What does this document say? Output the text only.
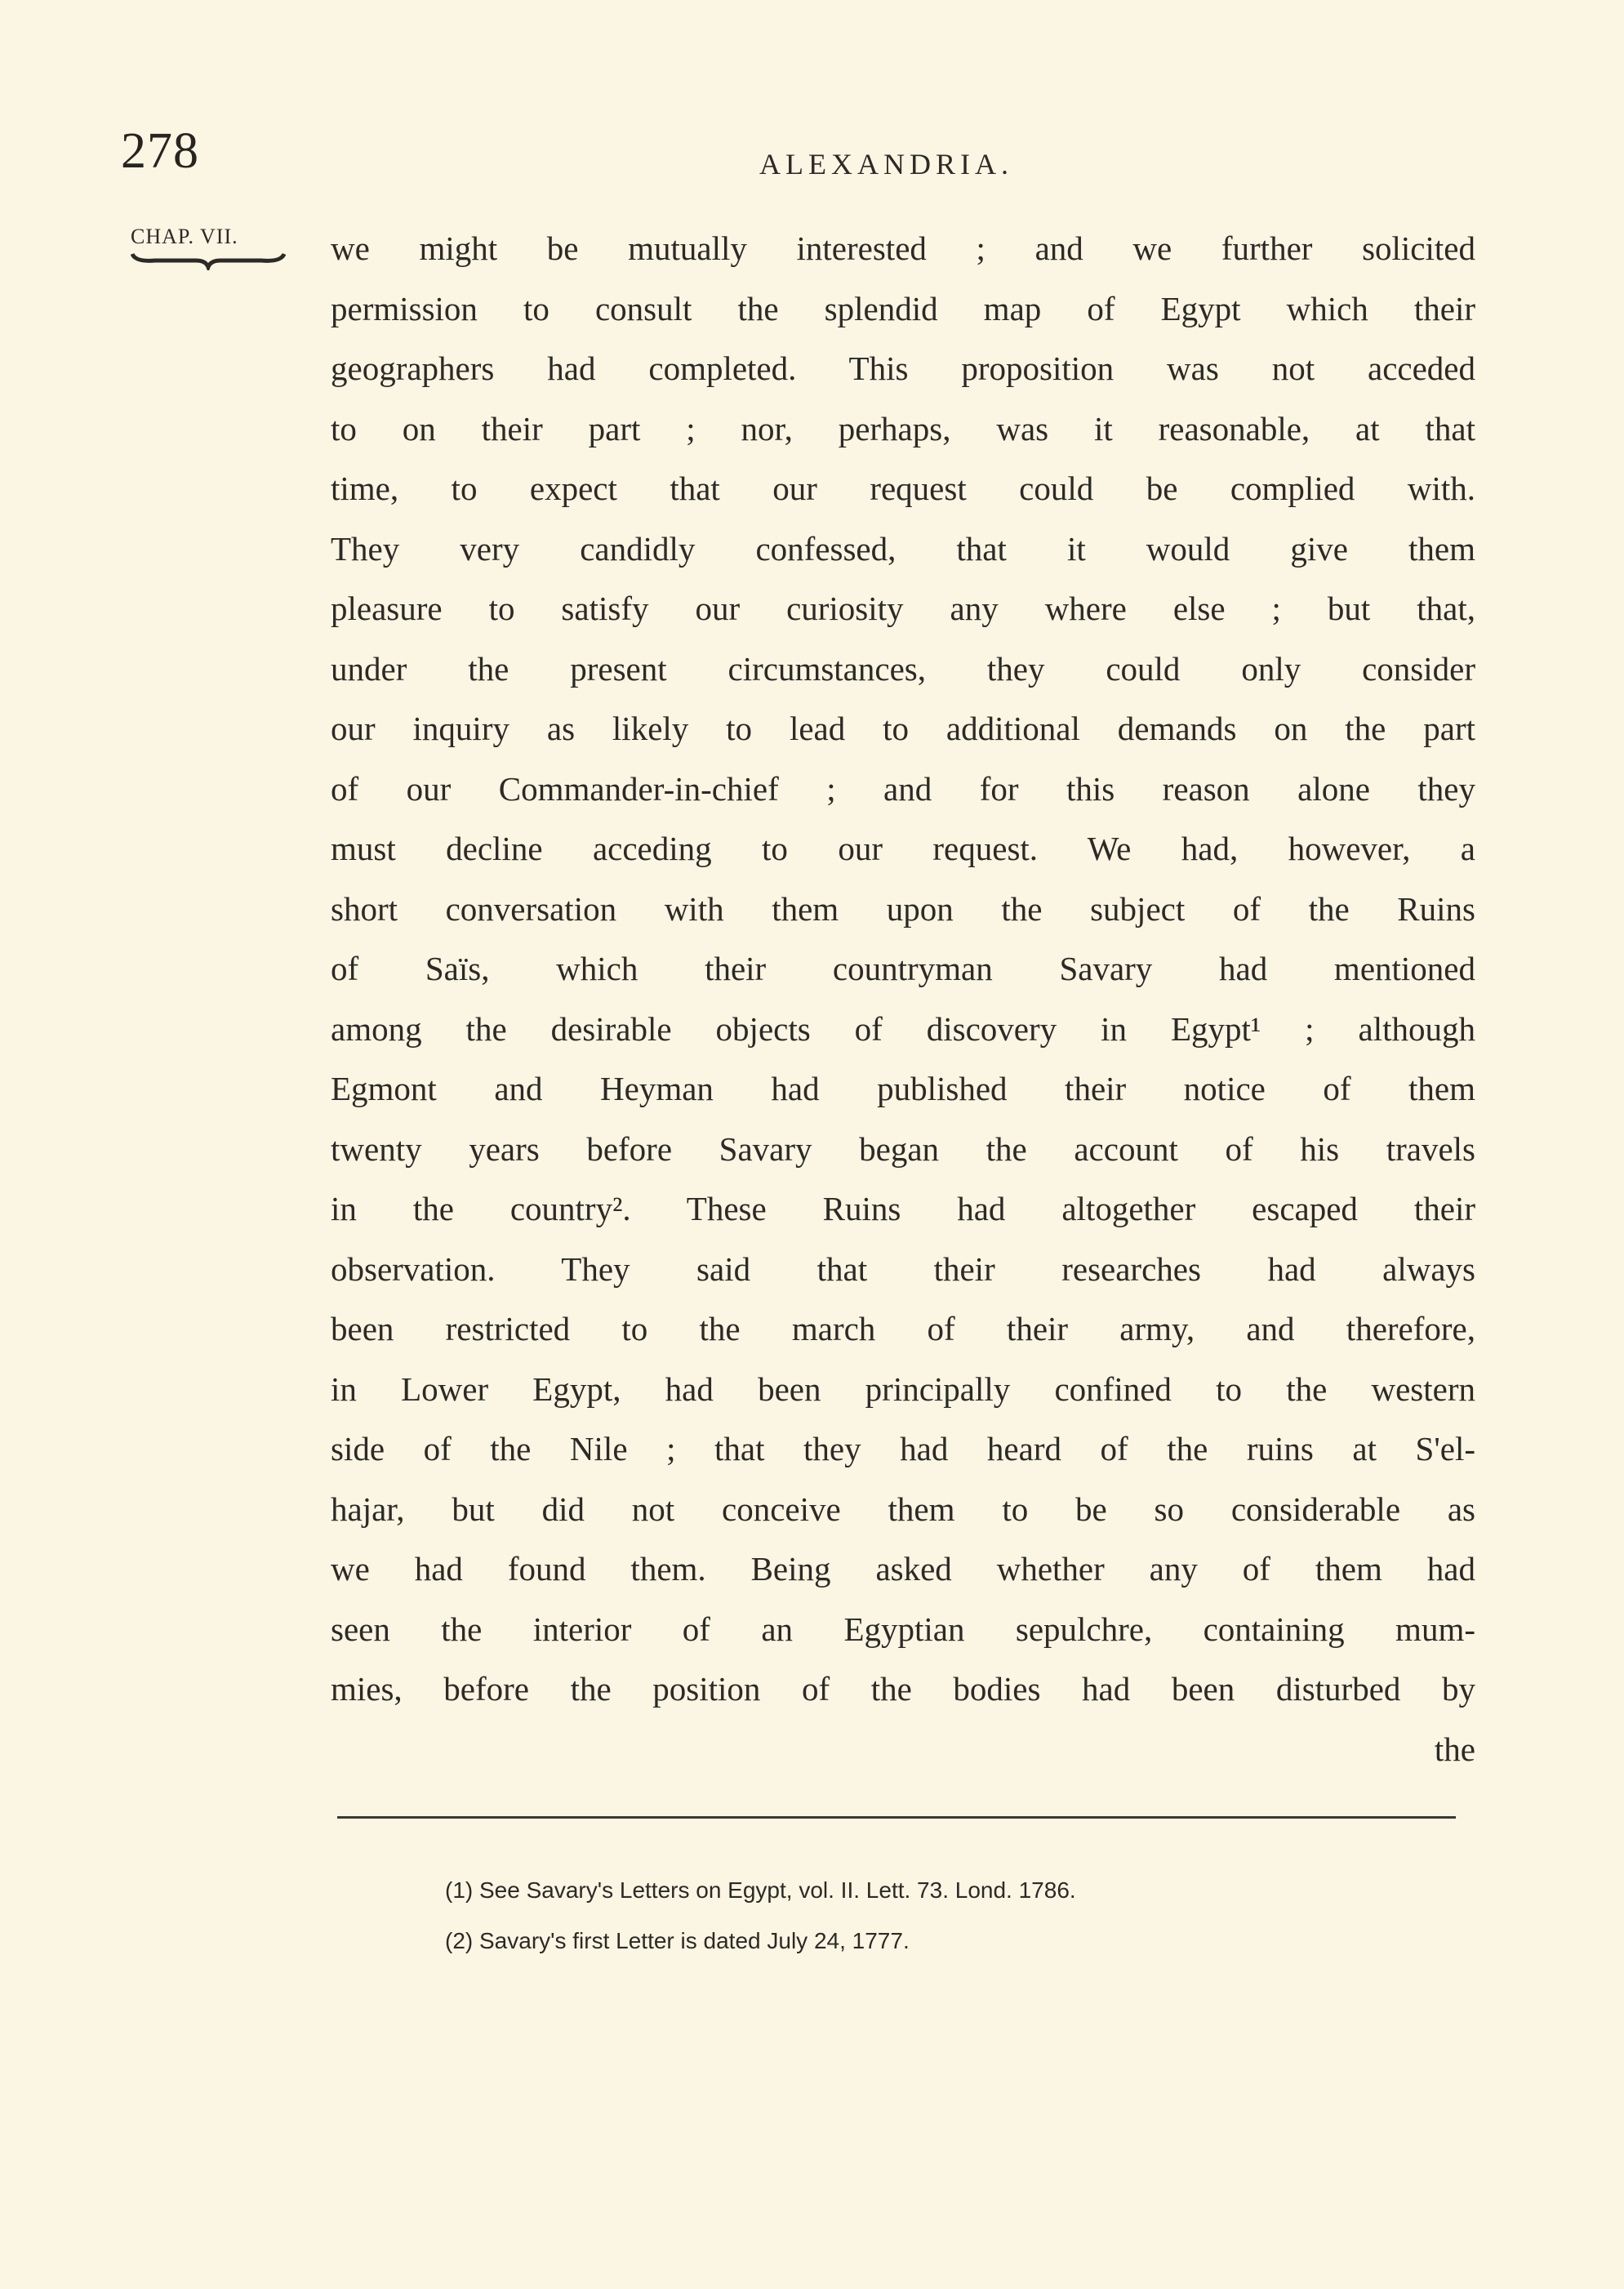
278	ALEXANDRIA.
CHAP. VII.	we might be mutually interested ; and we further solicited
permission to consult the splendid map of Egypt which their
geographers had completed. This proposition was not acceded
to on their part ; nor, perhaps, was it reasonable, at that
time, to expect that our request could be complied with.
They very candidly confessed, that it would give them
pleasure to satisfy our curiosity any where else ; but that,
under the present circumstances, they could only consider
our inquiry as likely to lead to additional demands on the part
of our Commander-in-chief ; and for this reason alone they
must decline acceding to our request. We had, however, a
short conversation with them upon the subject of the Ruins
of Saïs, which their countryman Savary had mentioned
among the desirable objects of discovery in Egypt¹ ; although
Egmont and Heyman had published their notice of them
twenty years before Savary began the account of his travels
in the country². These Ruins had altogether escaped their
observation. They said that their researches had always
been restricted to the march of their army, and therefore,
in Lower Egypt, had been principally confined to the western
side of the Nile ; that they had heard of the ruins at S'el-
hajar, but did not conceive them to be so considerable as
we had found them. Being asked whether any of them had
seen the interior of an Egyptian sepulchre, containing mum-
mies, before the position of the bodies had been disturbed by
the
(1) See Savary's Letters on Egypt, vol. II. Lett. 73. Lond. 1786.
(2) Savary's first Letter is dated July 24, 1777.
